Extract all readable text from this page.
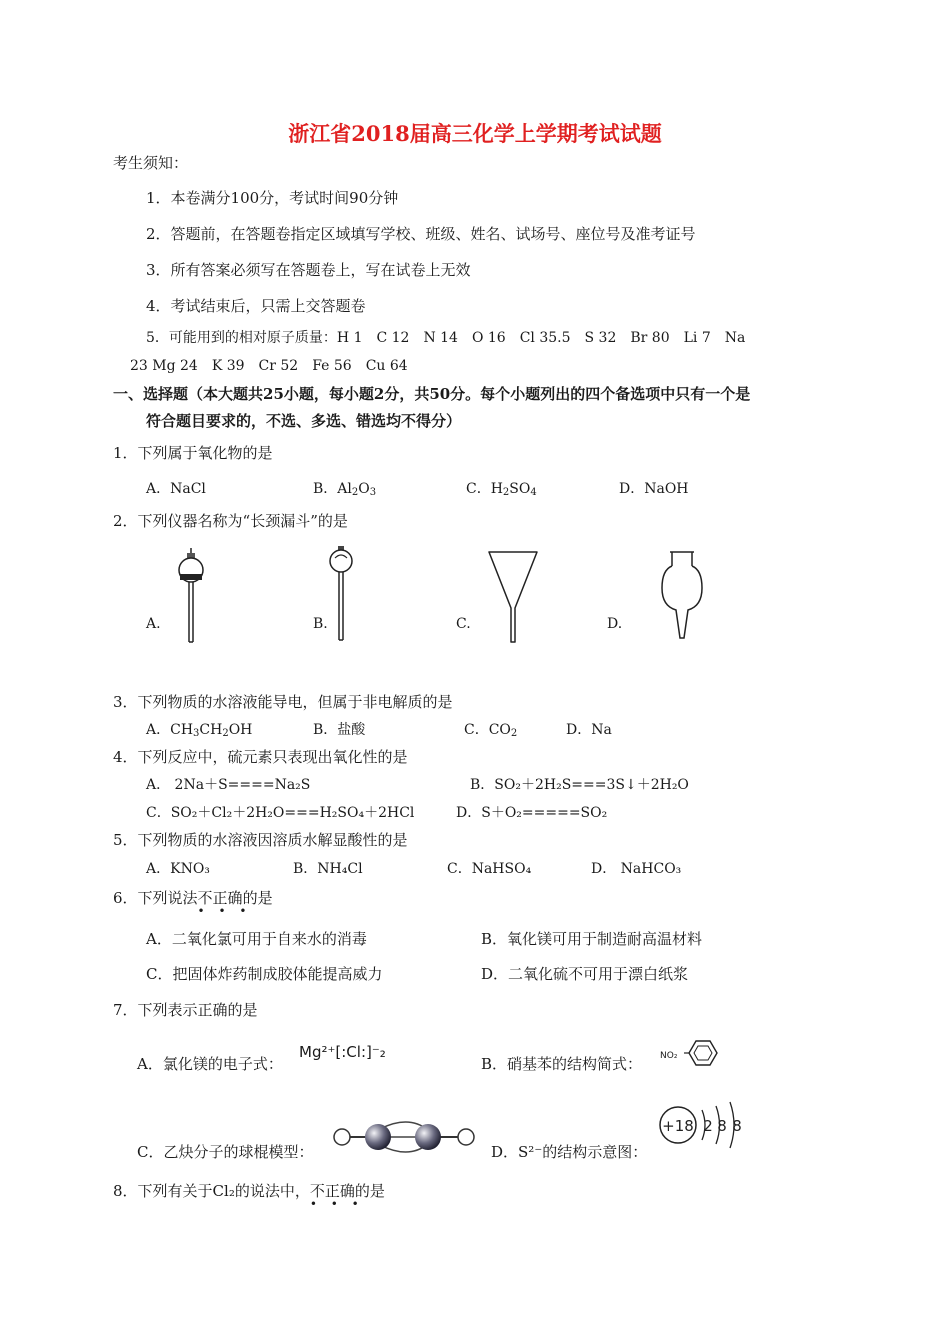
浙江省2018届高三化学上学期考试试题
考生须知：
1．本卷满分100分，考试时间90分钟
2．答题前，在答题卷指定区域填写学校、班级、姓名、试场号、座位号及准考证号
3．所有答案必须写在答题卷上，写在试卷上无效
4．考试结束后，只需上交答题卷
5．可能用到的相对原子质量：H 1　C 12　N 14　O 16　Cl 35.5　S 32　Br 80　Li 7　Na
23 Mg 24　K 39　Cr 52　Fe 56　Cu 64
一、选择题（本大题共25小题，每小题2分，共50分。每个小题列出的四个备选项中只有一个是
符合题目要求的，不选、多选、错选均不得分）
1．下列属于氧化物的是
A．NaCl	B．$Al_2O_3$	C．$H_2SO_4$	D．NaOH
2．下列仪器名称为“长颈漏斗”的是
A.	B.	C.	D.
3．下列物质的水溶液能导电，但属于非电解质的是
A．$CH_3CH_2OH$	B．盐酸	C．$CO_2$	D．Na
4．下列反应中，硫元素只表现出氧化性的是
A． 2Na＋S====Na₂S	B．SO₂＋2H₂S===3S↓＋2H₂O
C．SO₂＋Cl₂＋2H₂O===H₂SO₄＋2HCl	D．S＋O₂=====SO₂
5．下列物质的水溶液因溶质水解显酸性的是
A．KNO₃	B．NH₄Cl	C．NaHSO₄	D． NaHCO₃
6．下列说法不正确
• • •
的是
A．二氧化氯可用于自来水的消毒	B．氧化镁可用于制造耐高温材料
C．把固体炸药制成胶体能提高威力	D．二氧化硫不可用于漂白纸浆
7．下列表示正确的是
A．氯化镁的电子式：
Mg²⁺[:Cl:]⁻₂
B．硝基苯的结构简式： NO₂
C．乙炔分子的球棍模型：	D．S²⁻的结构示意图：
+18 2 8 8
8．下列有关于Cl₂的说法中，不正确
• • •
的是
